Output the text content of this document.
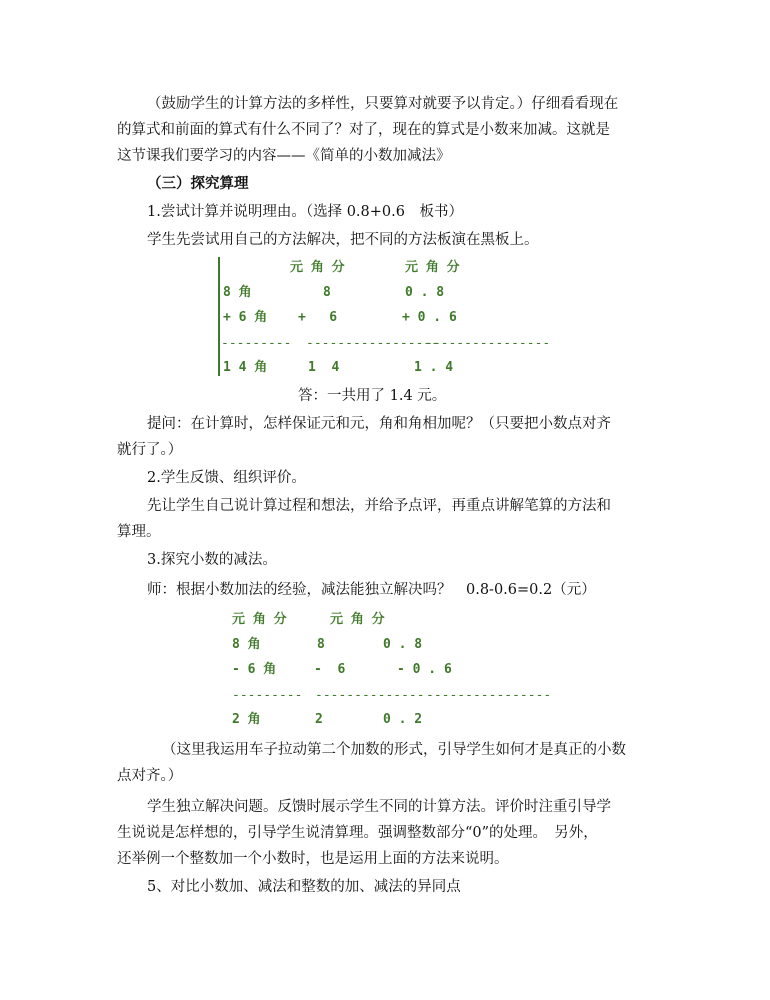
（鼓励学生的计算方法的多样性，只要算对就要予以肯定。）仔细看看现在
的算式和前面的算式有什么不同了？对了，现在的算式是小数来加减。这就是
这节课我们要学习的内容——《简单的小数加减法》
（三）探究算理
1.尝试计算并说明理由。（选择 0.8+0.6　板书）
学生先尝试用自己的方法解决，把不同的方法板演在黑板上。
元 角 分	元 角 分
8 角	8	0 . 8
+ 6 角 +   6	+ 0 . 6
--------- -----------------
----------------
1 4 角	1  4	1 . 4
答：一共用了 1.4 元。
提问：在计算时，怎样保证元和元，角和角相加呢？（只要把小数点对齐
就行了。）
2.学生反馈、组织评价。
先让学生自己说计算过程和想法，并给予点评，再重点讲解笔算的方法和
算理。
3.探究小数的减法。
师：根据小数加法的经验，减法能独立解决吗？　0.8-0.6=0.2（元）
元 角 分	元 角 分
8 角	8	0 . 8
- 6 角	-  6	- 0 . 6
--------- -------------- ----------------
2 角	2	0 . 2
（这里我运用车子拉动第二个加数的形式，引导学生如何才是真正的小数
点对齐。）
学生独立解决问题。反馈时展示学生不同的计算方法。评价时注重引导学
生说说是怎样想的，引导学生说清算理。强调整数部分“0”的处理。　另外，
还举例一个整数加一个小数时，也是运用上面的方法来说明。
5、对比小数加、减法和整数的加、减法的异同点
